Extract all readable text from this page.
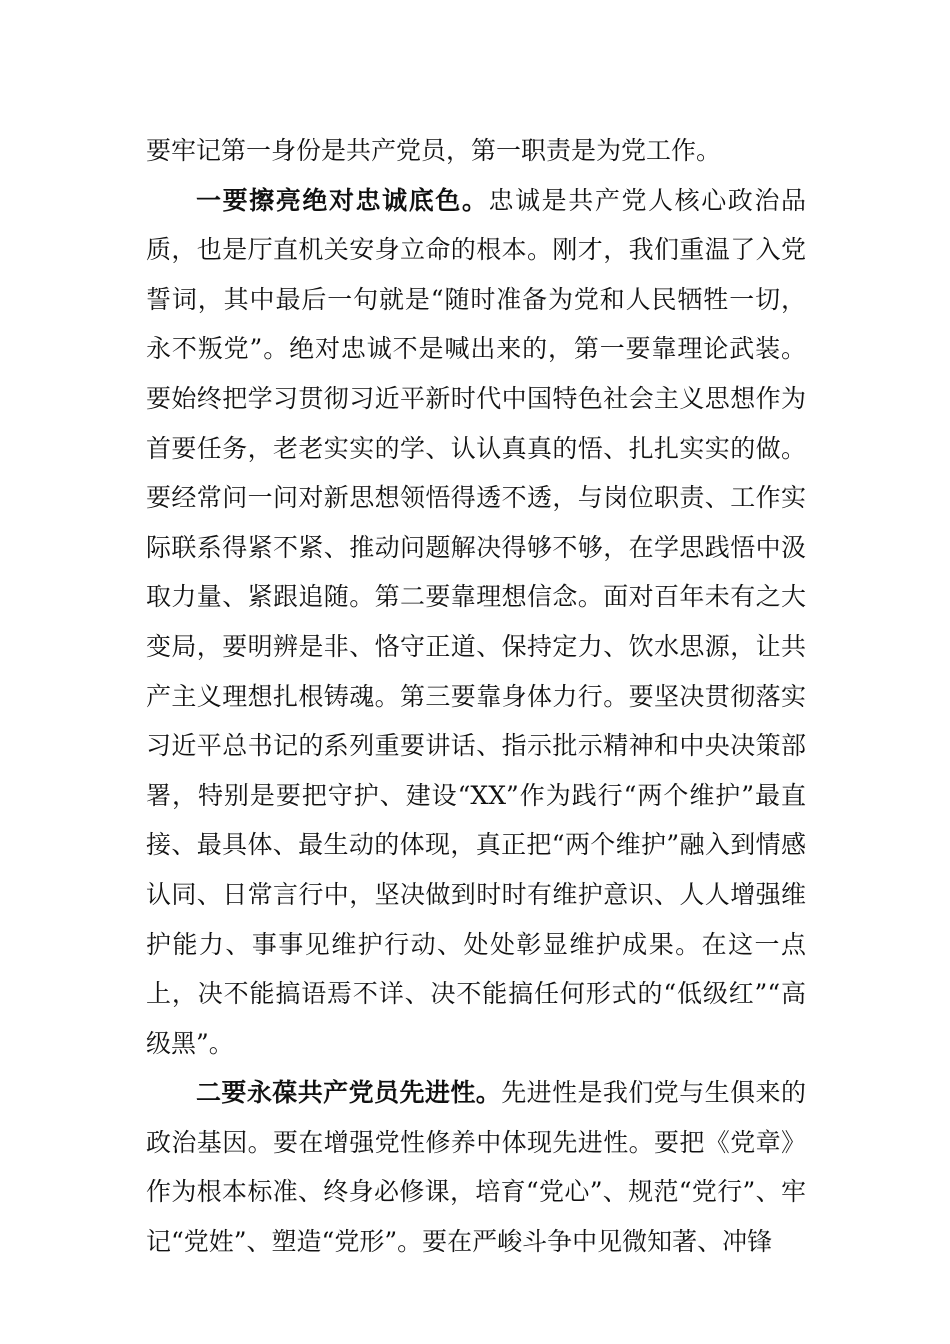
要牢记第一身份是共产党员，第一职责是为党工作。

一要擦亮绝对忠诚底色。忠诚是共产党人核心政治品质，也是厅直机关安身立命的根本。刚才，我们重温了入党誓词，其中最后一句就是“随时准备为党和人民牺牲一切，永不叛党”。绝对忠诚不是喊出来的，第一要靠理论武装。要始终把学习贯彻习近平新时代中国特色社会主义思想作为首要任务，老老实实的学、认认真真的悟、扎扎实实的做。要经常问一问对新思想领悟得透不透，与岗位职责、工作实际联系得紧不紧、推动问题解决得够不够，在学思践悟中汲取力量、紧跟追随。第二要靠理想信念。面对百年未有之大变局，要明辨是非、恪守正道、保持定力、饮水思源，让共产主义理想扎根铸魂。第三要靠身体力行。要坚决贯彻落实习近平总书记的系列重要讲话、指示批示精神和中央决策部署，特别是要把守护、建设“XX”作为践行“两个维护”最直接、最具体、最生动的体现，真正把“两个维护”融入到情感认同、日常言行中，坚决做到时时有维护意识、人人增强维护能力、事事见维护行动、处处彰显维护成果。在这一点上，决不能搞语焉不详、决不能搞任何形式的“低级红”“高级黑”。

二要永葆共产党员先进性。先进性是我们党与生俱来的政治基因。要在增强党性修养中体现先进性。要把《党章》作为根本标准、终身必修课，培育“党心”、规范“党行”、牢记“党姓”、塑造“党形”。要在严峻斗争中见微知著、冲锋
